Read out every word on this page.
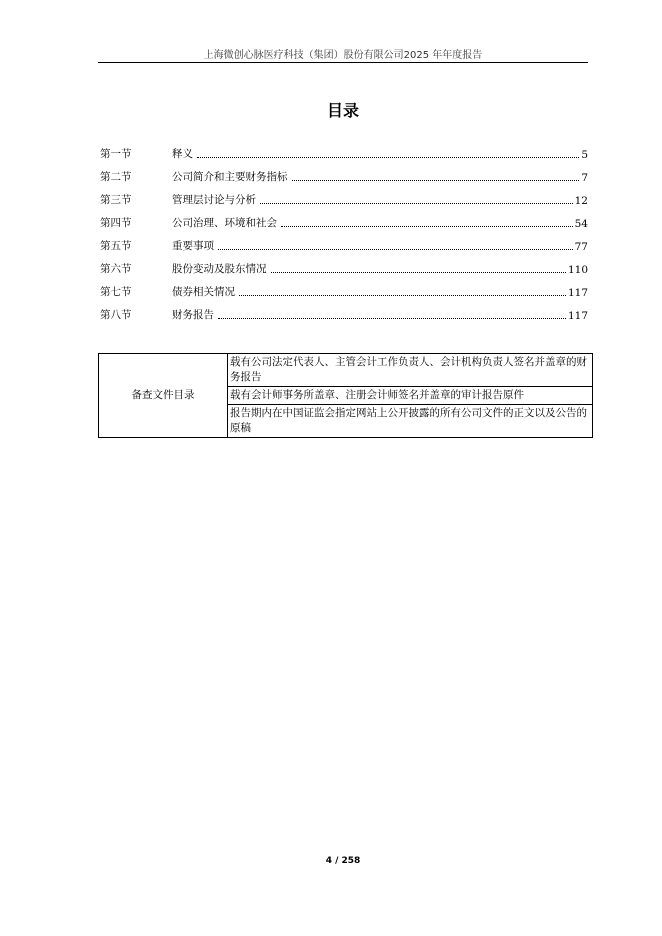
上海微创心脉医疗科技（集团）股份有限公司2025 年年度报告
目录
第一节	释义	5
第二节	公司简介和主要财务指标	7
第三节	管理层讨论与分析	12
第四节	公司治理、环境和社会	54
第五节	重要事项	77
第六节	股份变动及股东情况	110
第七节	债券相关情况	117
第八节	财务报告	117
备查文件目录	载有公司法定代表人、主管会计工作负责人、会计机构负责人签名并盖章的财务报告
载有会计师事务所盖章、注册会计师签名并盖章的审计报告原件
报告期内在中国证监会指定网站上公开披露的所有公司文件的正文以及公告的原稿
4 / 258
